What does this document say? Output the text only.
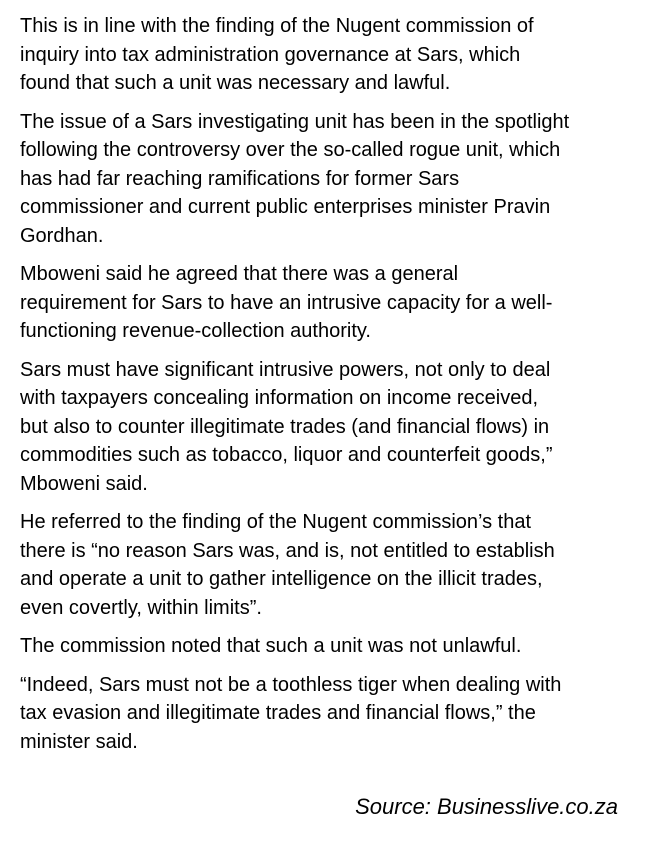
This is in line with the finding of the Nugent commission of
inquiry into tax administration governance at Sars, which
found that such a unit was necessary and lawful.

The issue of a Sars investigating unit has been in the spotlight
following the controversy over the so-called rogue unit, which
has had far reaching ramifications for former Sars
commissioner and current public enterprises minister Pravin
Gordhan.

Mboweni said he agreed that there was a general
requirement for Sars to have an intrusive capacity for a well-
functioning revenue-collection authority.

Sars must have significant intrusive powers, not only to deal
with taxpayers concealing information on income received,
but also to counter illegitimate trades (and financial flows) in
commodities such as tobacco, liquor and counterfeit goods,”
Mboweni said.

He referred to the finding of the Nugent commission’s that
there is “no reason Sars was, and is, not entitled to establish
and operate a unit to gather intelligence on the illicit trades,
even covertly, within limits”.

The commission noted that such a unit was not unlawful.

“Indeed, Sars must not be a toothless tiger when dealing with
tax evasion and illegitimate trades and financial flows,” the
minister said.

Source: Businesslive.co.za
